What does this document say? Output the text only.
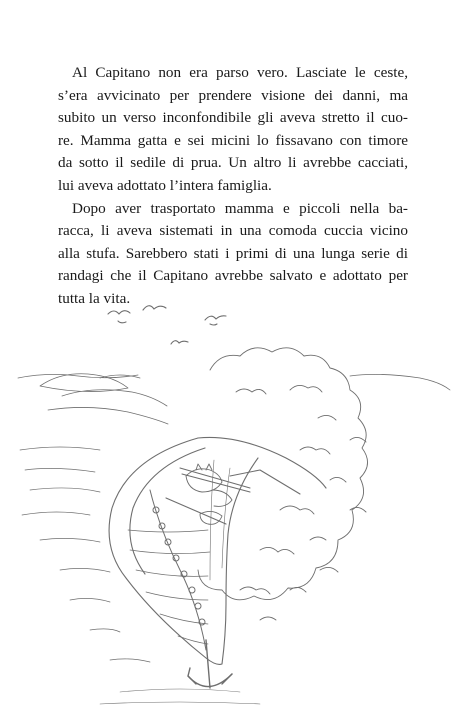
Al Capitano non era parso vero. Lasciate le ceste,
s’era avvicinato per prendere visione dei danni, ma
subito un verso inconfondibile gli aveva stretto il cuo-
re. Mamma gatta e sei micini lo fissavano con timore
da sotto il sedile di prua. Un altro li avrebbe cacciati,
lui aveva adottato l’intera famiglia.

Dopo aver trasportato mamma e piccoli nella ba-
racca, li aveva sistemati in una comoda cuccia vicino
alla stufa. Sarebbero stati i primi di una lunga serie di
randagi che il Capitano avrebbe salvato e adottato per
tutta la vita.
